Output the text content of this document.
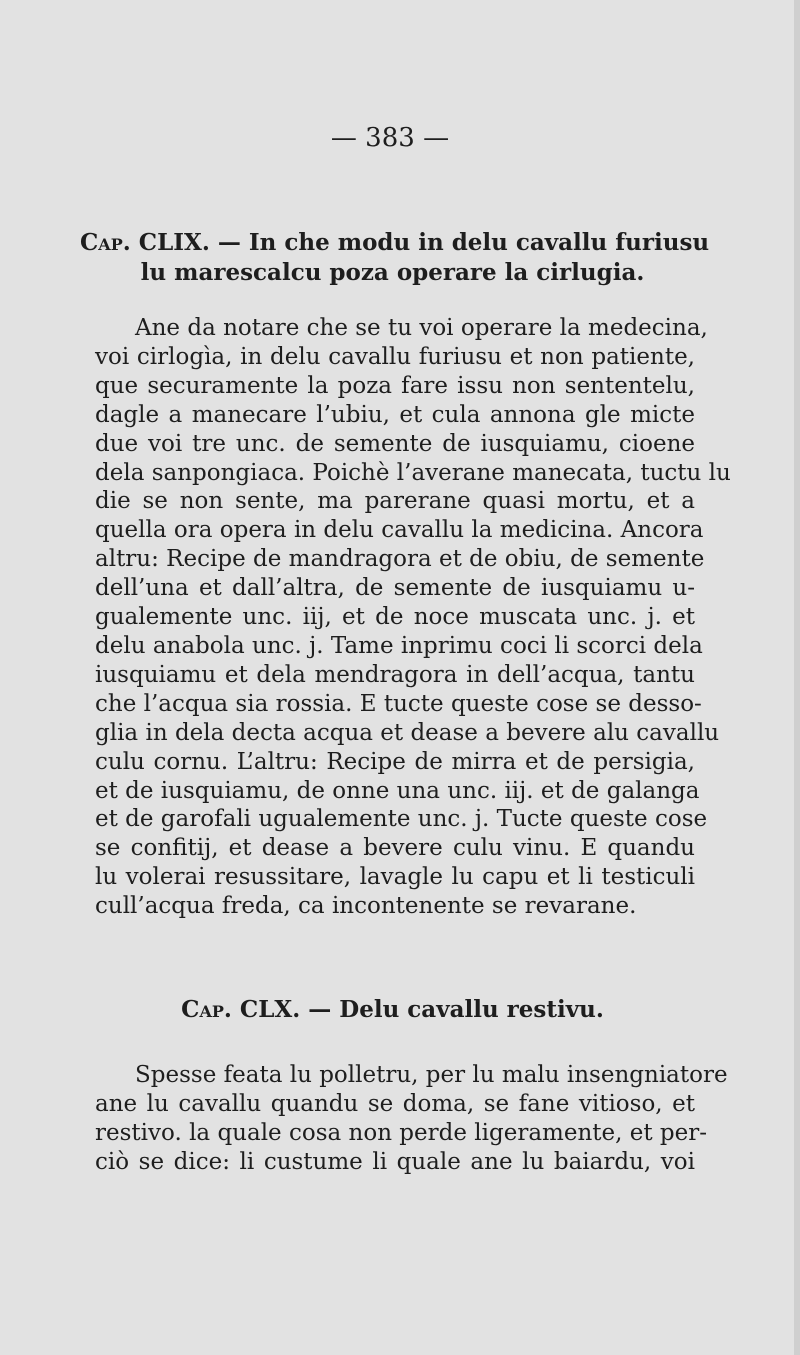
— 383 —
Cap. CLIX. — In che modu in delu cavallu furiusu
lu marescalcu poza operare la cirlugia.
Ane da notare che se tu voi operare la medecina,
voi cirlogìa, in delu cavallu furiusu et non patiente,
que securamente la poza fare issu non sententelu,
dagle a manecare l’ubiu, et cula annona gle micte
due voi tre unc. de semente de iusquiamu, cioene
dela sanpongiaca. Poichè l’averane manecata, tuctu lu
die se non sente, ma parerane quasi mortu, et a
quella ora opera in delu cavallu la medicina. Ancora
altru: Recipe de mandragora et de obiu, de semente
dell’una et dall’altra, de semente de iusquiamu u-
gualemente unc. iij, et de noce muscata unc. j. et
delu anabola unc. j. Tame inprimu coci li scorci dela
iusquiamu et dela mendragora in dell’acqua, tantu
che l’acqua sia rossia. E tucte queste cose se desso-
glia in dela decta acqua et dease a bevere alu cavallu
culu cornu. L’altru: Recipe de mirra et de persigia,
et de iusquiamu, de onne una unc. iij. et de galanga
et de garofali ugualemente unc. j. Tucte queste cose
se confitij, et dease a bevere culu vinu. E quandu
lu volerai resussitare, lavagle lu capu et li testiculi
cull’acqua freda, ca incontenente se revarane.
Cap. CLX. — Delu cavallu restivu.
Spesse feata lu polletru, per lu malu insengniatore
ane lu cavallu quandu se doma, se fane vitioso, et
restivo. la quale cosa non perde ligeramente, et per-
ciò se dice: li custume li quale ane lu baiardu, voi
